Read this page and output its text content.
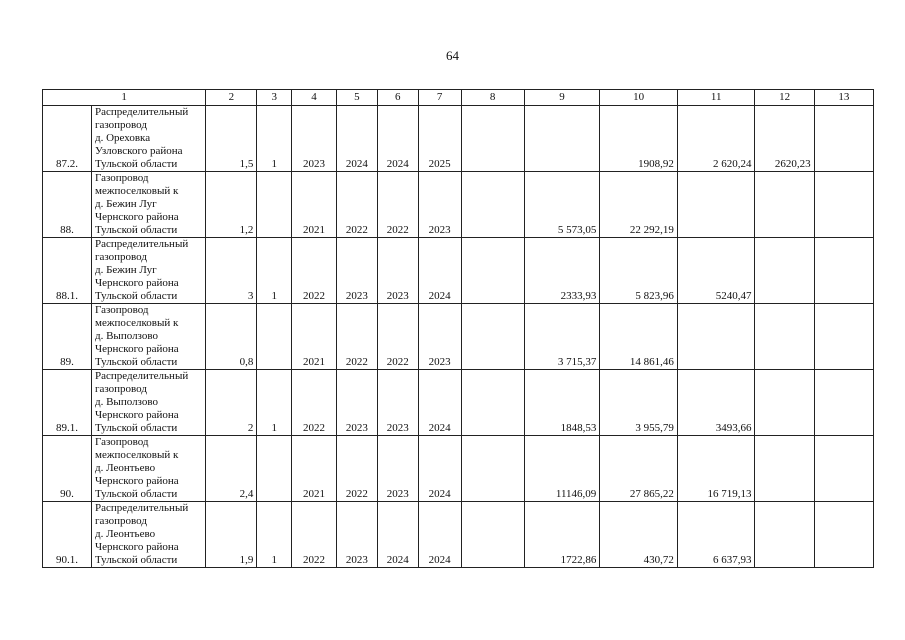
64
1		2	3	4	5	6	7	8	9	10	11	12	13
87.2.	Распределительный
газопровод
д. Ореховка
Узловского района
Тульской области	1,5	1	2023	2024	2024	2025			1908,92	2 620,24	2620,23	
88.	Газопровод
межпоселковый к
д. Бежин Луг
Чернского района
Тульской области	1,2		2021	2022	2022	2023		5 573,05	22 292,19			
88.1.	Распределительный
газопровод
д. Бежин Луг
Чернского района
Тульской области	3	1	2022	2023	2023	2024		2333,93	5 823,96	5240,47		
89.	Газопровод
межпоселковый к
д. Выползово
Чернского района
Тульской области	0,8		2021	2022	2022	2023		3 715,37	14 861,46			
89.1.	Распределительный
газопровод
д. Выползово
Чернского района
Тульской области	2	1	2022	2023	2023	2024		1848,53	3 955,79	3493,66		
90.	Газопровод
межпоселковый к
д. Леонтьево
Чернского района
Тульской области	2,4		2021	2022	2023	2024		11146,09	27 865,22	16 719,13		
90.1.	Распределительный
газопровод
д. Леонтьево
Чернского района
Тульской области	1,9	1	2022	2023	2024	2024		1722,86	430,72	6 637,93		
